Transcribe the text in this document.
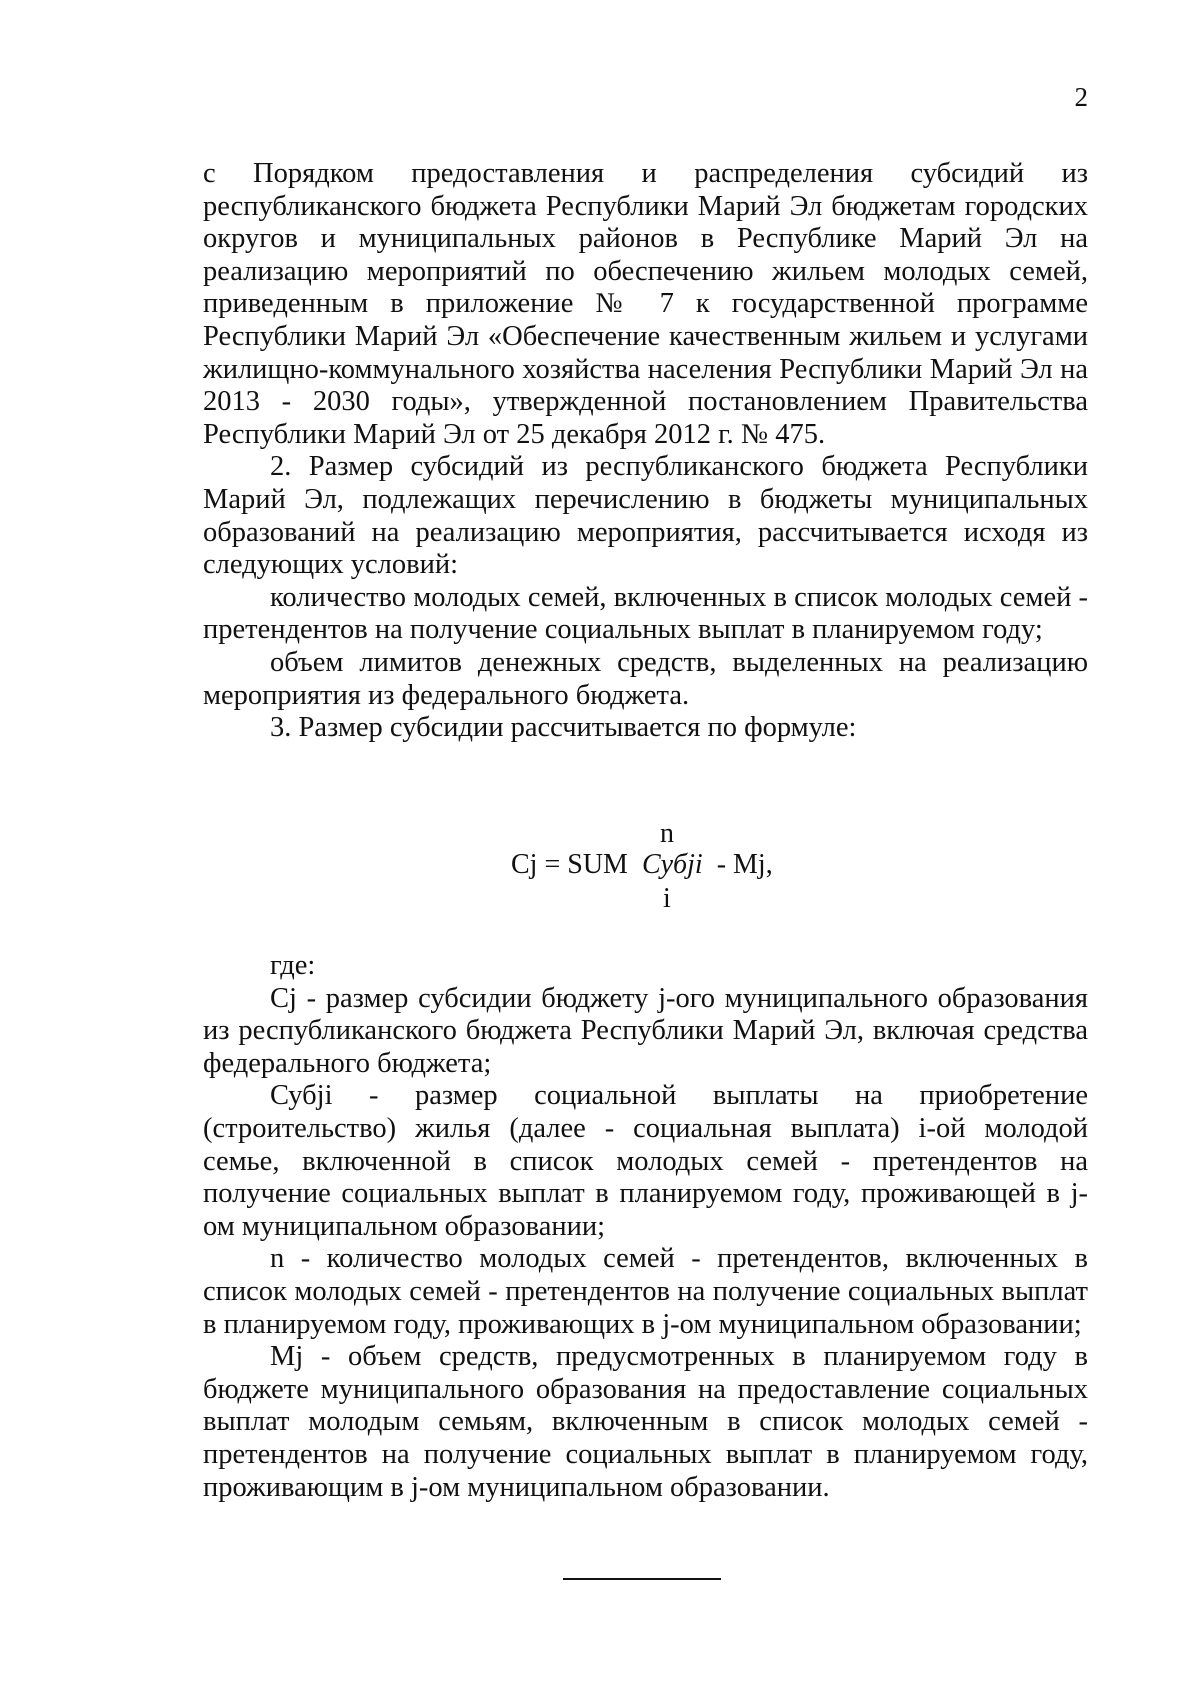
2

с Порядком предоставления и распределения субсидий из республиканского бюджета Республики Марий Эл бюджетам городских округов и муниципальных районов в Республике Марий Эл на реализацию мероприятий по обеспечению жильем молодых семей, приведенным в приложение № 7 к государственной программе Республики Марий Эл «Обеспечение качественным жильем и услугами жилищно-коммунального хозяйства населения Республики Марий Эл на 2013 - 2030 годы», утвержденной постановлением Правительства Республики Марий Эл от 25 декабря 2012 г. № 475.

2. Размер субсидий из республиканского бюджета Республики Марий Эл, подлежащих перечислению в бюджеты муниципальных образований на реализацию мероприятия, рассчитывается исходя из следующих условий:

количество молодых семей, включенных в список молодых семей - претендентов на получение социальных выплат в планируемом году;

объем лимитов денежных средств, выделенных на реализацию мероприятия из федерального бюджета.

3. Размер субсидии рассчитывается по формуле:

n
Cj = SUM Субji - Mj,
i

где:

Cj - размер субсидии бюджету j-ого муниципального образования из республиканского бюджета Республики Марий Эл, включая средства федерального бюджета;

Субji - размер социальной выплаты на приобретение (строительство) жилья (далее - социальная выплата) i-ой молодой семье, включенной в список молодых семей - претендентов на получение социальных выплат в планируемом году, проживающей в j-ом муниципальном образовании;

n - количество молодых семей - претендентов, включенных в список молодых семей - претендентов на получение социальных выплат в планируемом году, проживающих в j-ом муниципальном образовании;

Mj - объем средств, предусмотренных в планируемом году в бюджете муниципального образования на предоставление социальных выплат молодым семьям, включенным в список молодых семей - претендентов на получение социальных выплат в планируемом году, проживающим в j-ом муниципальном образовании.
